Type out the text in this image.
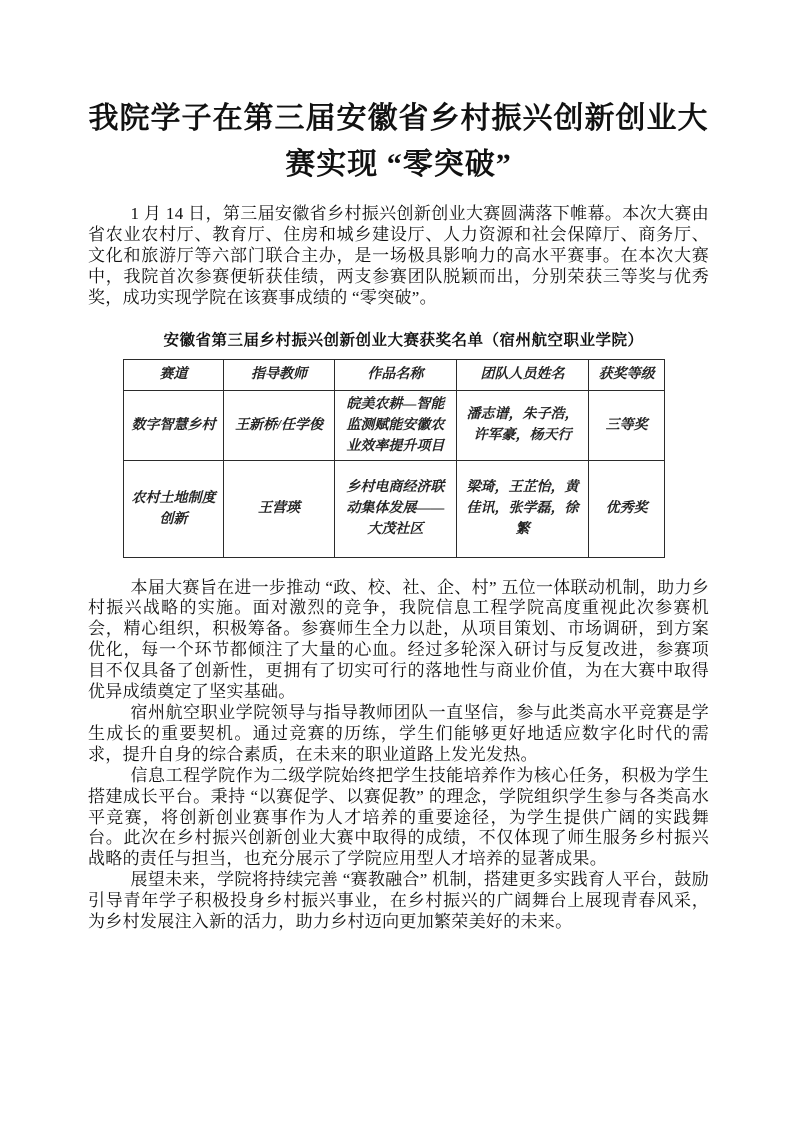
我院学子在第三届安徽省乡村振兴创新创业大赛实现 “零突破”

1 月 14 日，第三届安徽省乡村振兴创新创业大赛圆满落下帷幕。本次大赛由省农业农村厅、教育厅、住房和城乡建设厅、人力资源和社会保障厅、商务厅、文化和旅游厅等六部门联合主办，是一场极具影响力的高水平赛事。在本次大赛中，我院首次参赛便斩获佳绩，两支参赛团队脱颖而出，分别荣获三等奖与优秀奖，成功实现学院在该赛事成绩的 “零突破”。

安徽省第三届乡村振兴创新创业大赛获奖名单（宿州航空职业学院）
赛道	指导教师	作品名称	团队人员姓名	获奖等级
数字智慧乡村	王新桥/任学俊	皖美农耕—智能监测赋能安徽农业效率提升项目	潘志谱，朱子浩，许军豪，杨天行	三等奖
农村土地制度创新	王营瑛	乡村电商经济联动集体发展——大茂社区	梁琦，王芷怡，黄佳讯，张学磊，徐繁	优秀奖

本届大赛旨在进一步推动 “政、校、社、企、村” 五位一体联动机制，助力乡村振兴战略的实施。面对激烈的竞争，我院信息工程学院高度重视此次参赛机会，精心组织，积极筹备。参赛师生全力以赴，从项目策划、市场调研，到方案优化，每一个环节都倾注了大量的心血。经过多轮深入研讨与反复改进，参赛项目不仅具备了创新性，更拥有了切实可行的落地性与商业价值，为在大赛中取得优异成绩奠定了坚实基础。

宿州航空职业学院领导与指导教师团队一直坚信，参与此类高水平竞赛是学生成长的重要契机。通过竞赛的历练，学生们能够更好地适应数字化时代的需求，提升自身的综合素质，在未来的职业道路上发光发热。

信息工程学院作为二级学院始终把学生技能培养作为核心任务，积极为学生搭建成长平台。秉持 “以赛促学、以赛促教” 的理念，学院组织学生参与各类高水平竞赛，将创新创业赛事作为人才培养的重要途径，为学生提供广阔的实践舞台。此次在乡村振兴创新创业大赛中取得的成绩，不仅体现了师生服务乡村振兴战略的责任与担当，也充分展示了学院应用型人才培养的显著成果。

展望未来，学院将持续完善 “赛教融合” 机制，搭建更多实践育人平台，鼓励引导青年学子积极投身乡村振兴事业，在乡村振兴的广阔舞台上展现青春风采，为乡村发展注入新的活力，助力乡村迈向更加繁荣美好的未来。
